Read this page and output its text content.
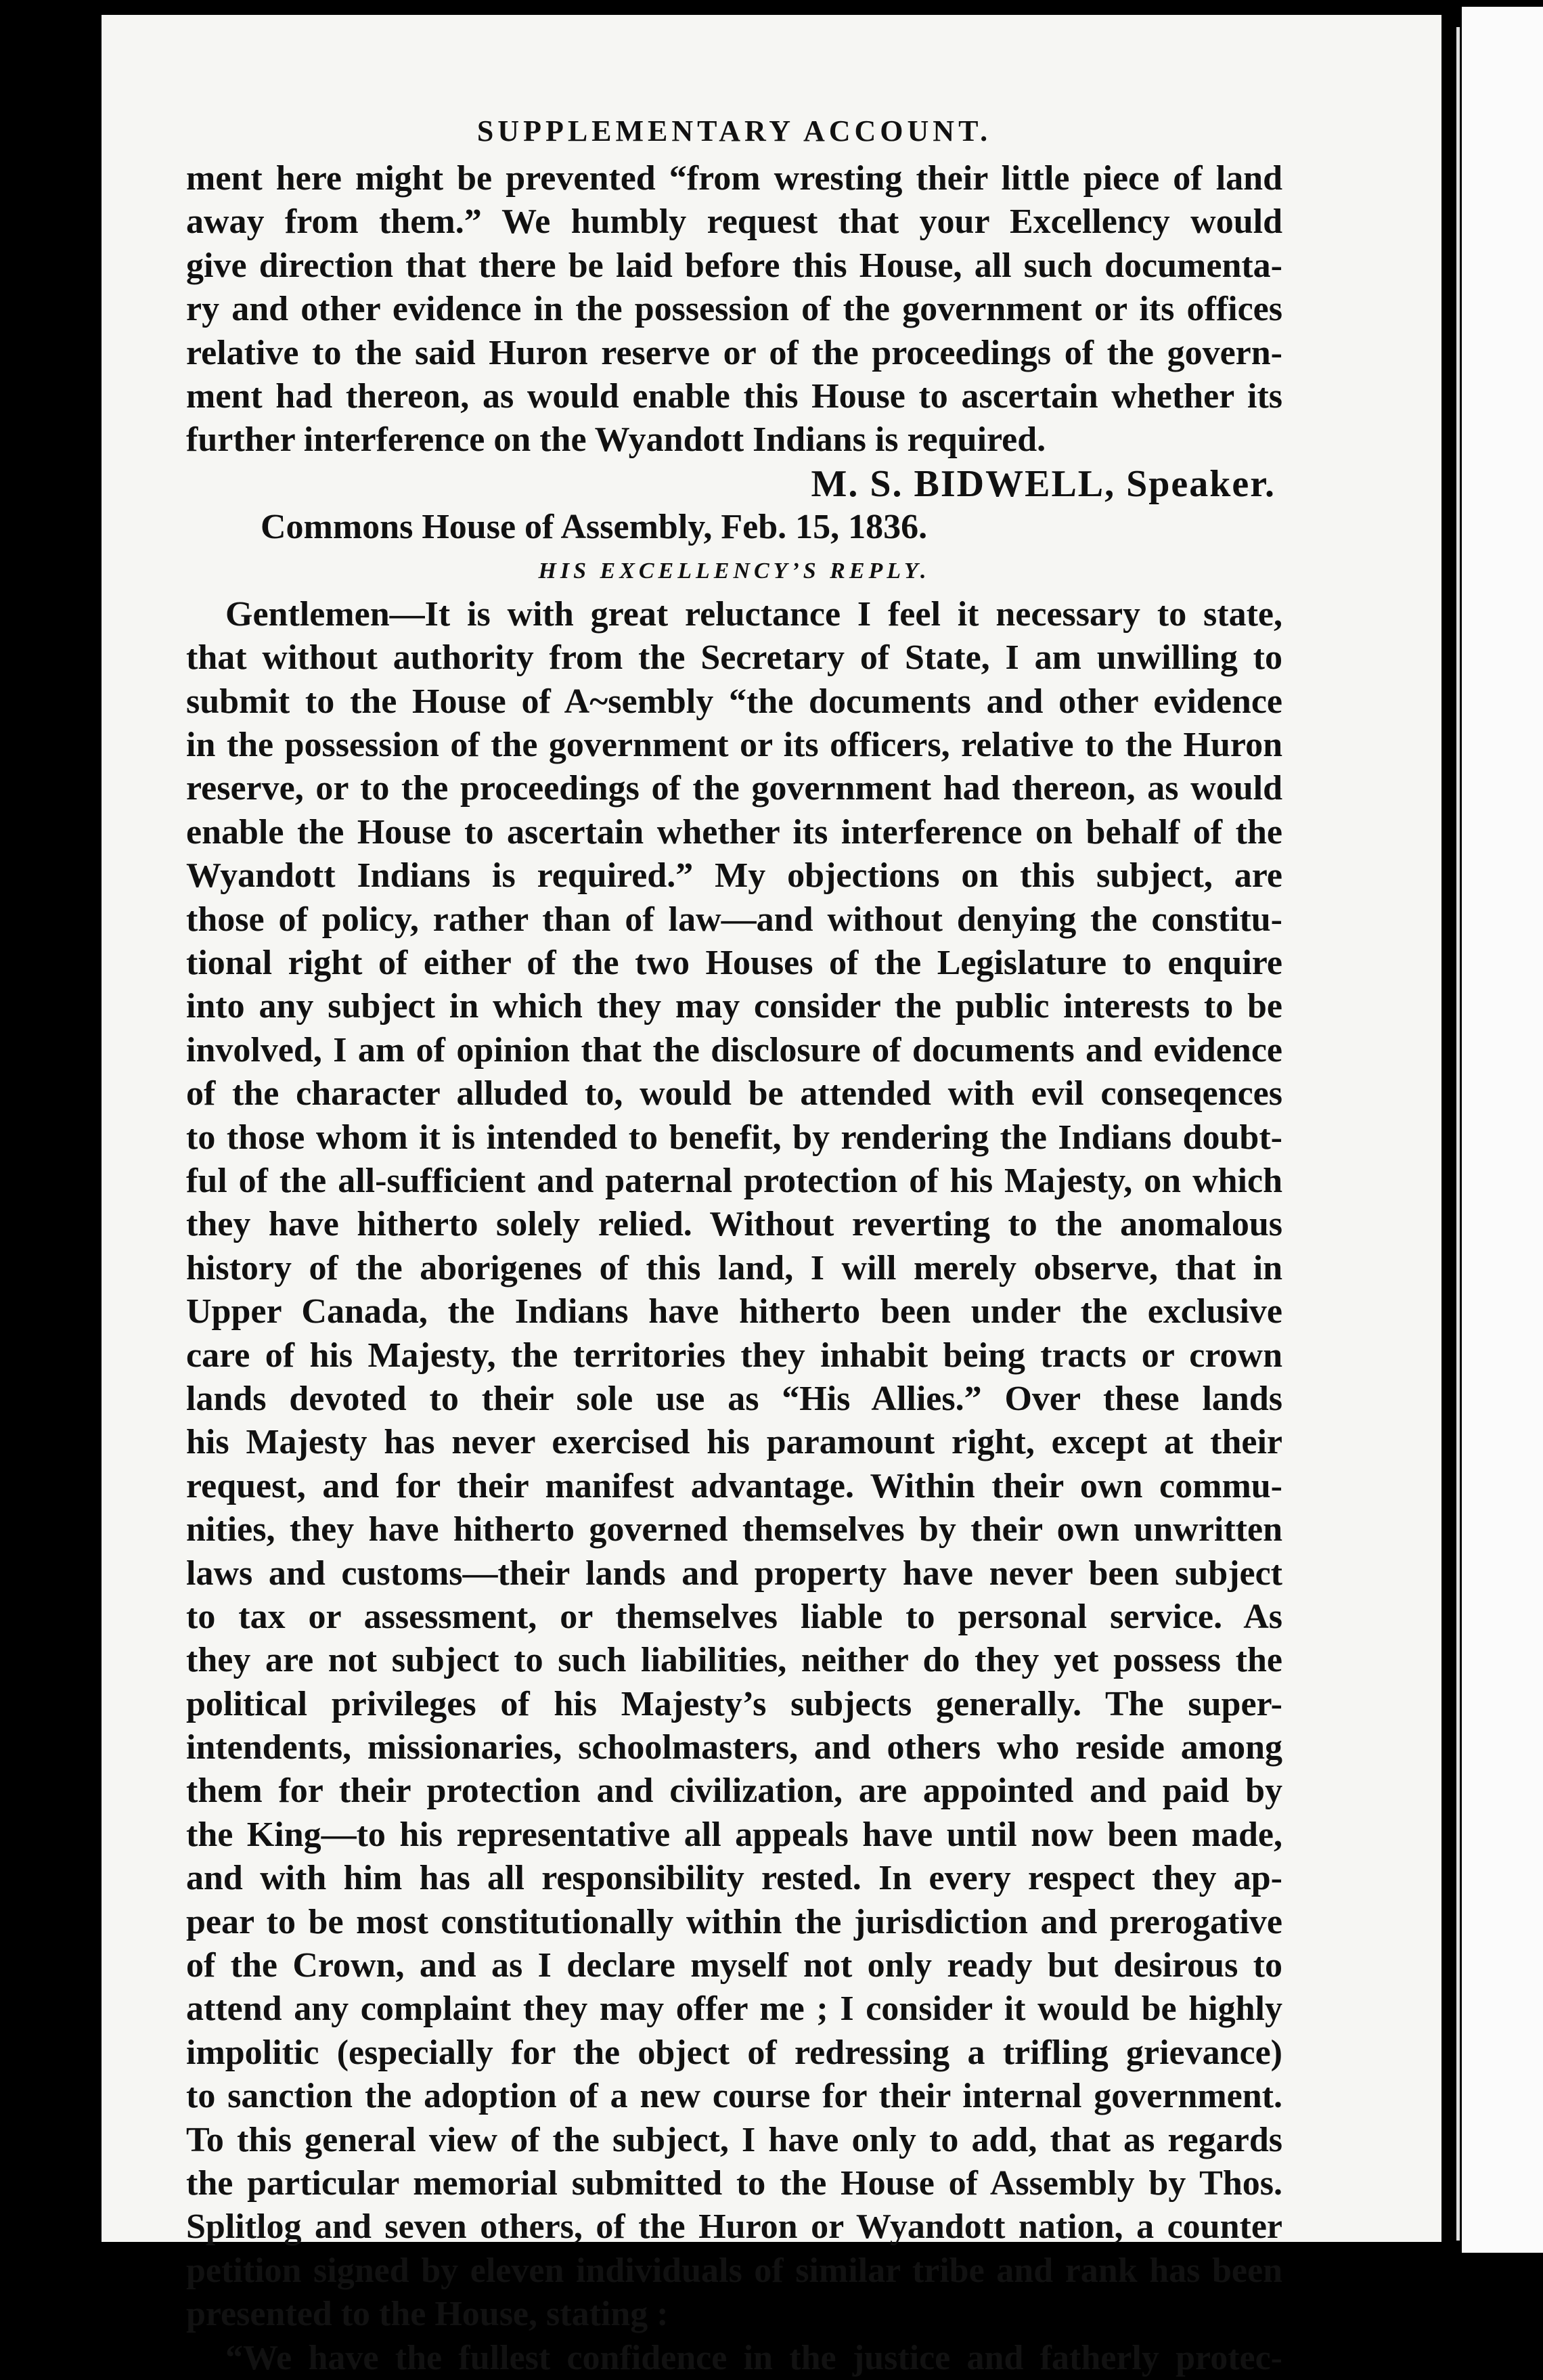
SUPPLEMENTARY ACCOUNT.
ment here might be prevented “from wresting their little piece of land
away from them.” We humbly request that your Excellency would
give direction that there be laid before this House, all such documenta-
ry and other evidence in the possession of the government or its offices
relative to the said Huron reserve or of the proceedings of the govern-
ment had thereon, as would enable this House to ascertain whether its
further interference on the Wyandott Indians is required.
M. S. BIDWELL, Speaker.
Commons House of Assembly, Feb. 15, 1836.
HIS EXCELLENCY’S REPLY.
Gentlemen—It is with great reluctance I feel it necessary to state,
that without authority from the Secretary of State, I am unwilling to
submit to the House of A~sembly “the documents and other evidence
in the possession of the government or its officers, relative to the Huron
reserve, or to the proceedings of the government had thereon, as would
enable the House to ascertain whether its interference on behalf of the
Wyandott Indians is required.” My objections on this subject, are
those of policy, rather than of law—and without denying the constitu-
tional right of either of the two Houses of the Legislature to enquire
into any subject in which they may consider the public interests to be
involved, I am of opinion that the disclosure of documents and evidence
of the character alluded to, would be attended with evil conseqences
to those whom it is intended to benefit, by rendering the Indians doubt-
ful of the all-sufficient and paternal protection of his Majesty, on which
they have hitherto solely relied. Without reverting to the anomalous
history of the aborigenes of this land, I will merely observe, that in
Upper Canada, the Indians have hitherto been under the exclusive
care of his Majesty, the territories they inhabit being tracts or crown
lands devoted to their sole use as “His Allies.” Over these lands
his Majesty has never exercised his paramount right, except at their
request, and for their manifest advantage. Within their own commu-
nities, they have hitherto governed themselves by their own unwritten
laws and customs—their lands and property have never been subject
to tax or assessment, or themselves liable to personal service. As
they are not subject to such liabilities, neither do they yet possess the
political privileges of his Majesty’s subjects generally. The super-
intendents, missionaries, schoolmasters, and others who reside among
them for their protection and civilization, are appointed and paid by
the King—to his representative all appeals have until now been made,
and with him has all responsibility rested. In every respect they ap-
pear to be most constitutionally within the jurisdiction and prerogative
of the Crown, and as I declare myself not only ready but desirous to
attend any complaint they may offer me ; I consider it would be highly
impolitic (especially for the object of redressing a trifling grievance)
to sanction the adoption of a new course for their internal government.
To this general view of the subject, I have only to add, that as regards
the particular memorial submitted to the House of Assembly by Thos.
Splitlog and seven others, of the Huron or Wyandott nation, a counter
petition signed by eleven individuals of similar tribe and rank has been
presented to the House, stating :
“We have the fullest confidence in the justice and fatherly protec-
